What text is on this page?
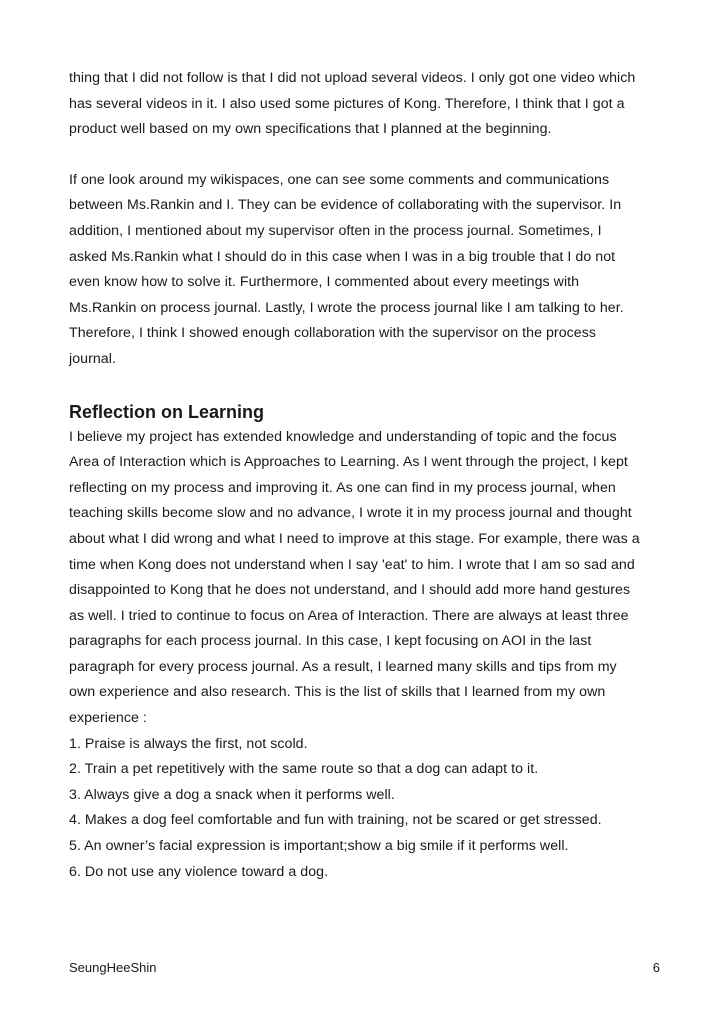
thing that I did not follow is that I did not upload several videos. I only got one video which
has several videos in it. I also used some pictures of Kong. Therefore, I think that I got a
product well based on my own specifications that I planned at the beginning.
If one look around my wikispaces, one can see some comments and communications
between Ms.Rankin and I. They can be evidence of collaborating with the supervisor. In
addition, I mentioned about my supervisor often in the process journal. Sometimes, I
asked Ms.Rankin what I should do in this case when I was in a big trouble that I do not
even know how to solve it. Furthermore, I commented about every meetings with
Ms.Rankin on process journal. Lastly, I wrote the process journal like I am talking to her.
Therefore, I think I showed enough collaboration with the supervisor on the process
journal.
Reflection on Learning
I believe my project has extended knowledge and understanding of topic and the focus
Area of Interaction which is Approaches to Learning. As I went through the project, I kept
reflecting on my process and improving it. As one can find in my process journal, when
teaching skills become slow and no advance, I wrote it in my process journal and thought
about what I did wrong and what I need to improve at this stage. For example, there was a
time when Kong does not understand when I say 'eat' to him. I wrote that I am so sad and
disappointed to Kong that he does not understand, and I should add more hand gestures
as well. I tried to continue to focus on Area of Interaction. There are always at least three
paragraphs for each process journal. In this case, I kept focusing on AOI in the last
paragraph for every process journal. As a result, I learned many skills and tips from my
own experience and also research. This is the list of skills that I learned from my own
experience :
1. Praise is always the first, not scold.
2. Train a pet repetitively with the same route so that a dog can adapt to it.
3. Always give a dog a snack when it performs well.
4. Makes a dog feel comfortable and fun with training, not be scared or get stressed.
5. An owner’s facial expression is important;show a big smile if it performs well.
6. Do not use any violence toward a dog.
SeungHeeShin	6
